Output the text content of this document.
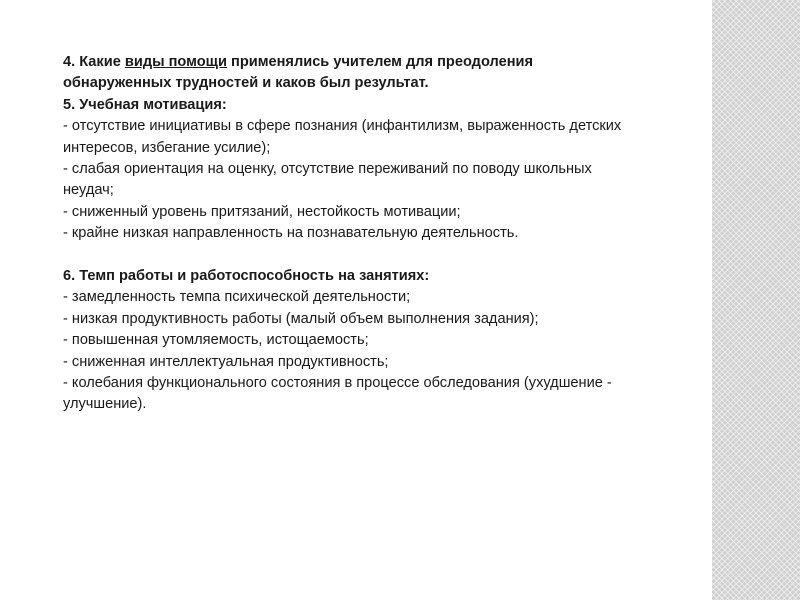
4. Какие виды помощи применялись учителем для преодоления

обнаруженных трудностей и каков был результат.

5. Учебная мотивация:

- отсутствие инициативы в сфере познания (инфантилизм, выраженность детских

интересов, избегание усилие);

- слабая ориентация на оценку, отсутствие переживаний по поводу школьных

неудач;

- сниженный уровень притязаний, нестойкость мотивации;

- крайне низкая направленность на познавательную деятельность.

6. Темп работы и работоспособность на занятиях:

- замедленность темпа психической деятельности;

- низкая продуктивность работы (малый объем выполнения задания);

- повышенная утомляемость, истощаемость;

- сниженная интеллектуальная продуктивность;

- колебания функционального состояния в процессе обследования (ухудшение -

улучшение).
